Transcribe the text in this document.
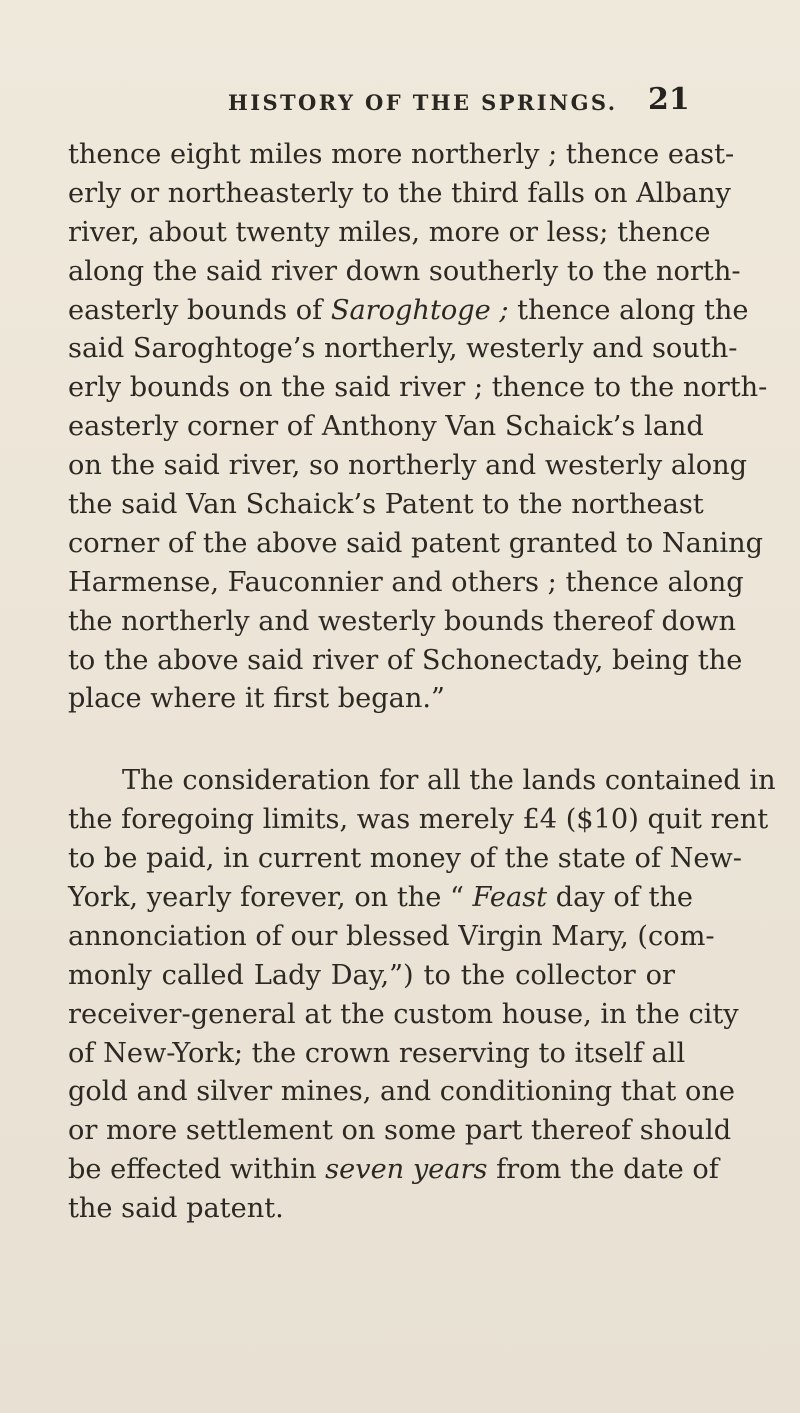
HISTORY OF THE SPRINGS. 21
thence eight miles more northerly ; thence east-
erly or northeasterly to the third falls on Albany
river, about twenty miles, more or less; thence
along the said river down southerly to the north-
easterly bounds of Saroghtoge ; thence along the
said Saroghtoge’s northerly, westerly and south-
erly bounds on the said river ; thence to the north-
easterly corner of Anthony Van Schaick’s land
on the said river, so northerly and westerly along
the said Van Schaick’s Patent to the northeast
corner of the above said patent granted to Naning
Harmense, Fauconnier and others ; thence along
the northerly and westerly bounds thereof down
to the above said river of Schonectady, being the
place where it first began.”
The consideration for all the lands contained in
the foregoing limits, was merely £4 ($10) quit rent
to be paid, in current money of the state of New-
York, yearly forever, on the “ Feast day of the
annonciation of our blessed Virgin Mary, (com-
monly called Lady Day,”) to the collector or
receiver-general at the custom house, in the city
of New-York; the crown reserving to itself all
gold and silver mines, and conditioning that one
or more settlement on some part thereof should
be effected within seven years from the date of
the said patent.
